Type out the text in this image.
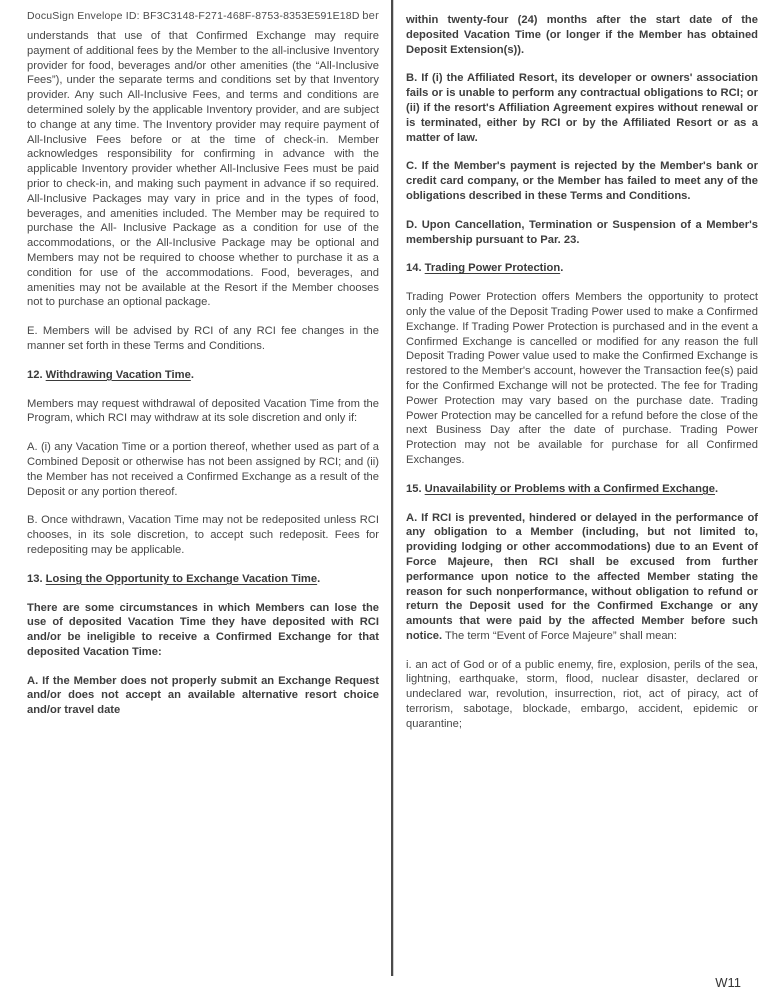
DocuSign Envelope ID: BF3C3148-F271-468F-8753-8353E591E18D ber

understands that use of that Confirmed Exchange may require payment of additional fees by the Member to the all-inclusive Inventory provider for food, beverages and/or other amenities (the “All-Inclusive Fees”), under the separate terms and conditions set by that Inventory provider. Any such All-Inclusive Fees, and terms and conditions are determined solely by the applicable Inventory provider, and are subject to change at any time. The Inventory provider may require payment of All-Inclusive Fees before or at the time of check-in. Member acknowledges responsibility for confirming in advance with the applicable Inventory provider whether All-Inclusive Fees must be paid prior to check-in, and making such payment in advance if so required. All-Inclusive Packages may vary in price and in the types of food, beverages, and amenities included. The Member may be required to purchase the All- Inclusive Package as a condition for use of the accommodations, or the All-Inclusive Package may be optional and Members may not be required to choose whether to purchase it as a condition for use of the accommodations. Food, beverages, and amenities may not be available at the Resort if the Member chooses not to purchase an optional package.

E. Members will be advised by RCI of any RCI fee changes in the manner set forth in these Terms and Conditions.

12. Withdrawing Vacation Time.

Members may request withdrawal of deposited Vacation Time from the Program, which RCI may withdraw at its sole discretion and only if:

A. (i) any Vacation Time or a portion thereof, whether used as part of a Combined Deposit or otherwise has not been assigned by RCI; and (ii) the Member has not received a Confirmed Exchange as a result of the Deposit or any portion thereof.

B. Once withdrawn, Vacation Time may not be redeposited unless RCI chooses, in its sole discretion, to accept such redeposit. Fees for redepositing may be applicable.

13. Losing the Opportunity to Exchange Vacation Time.

There are some circumstances in which Members can lose the use of deposited Vacation Time they have deposited with RCI and/or be ineligible to receive a Confirmed Exchange for that deposited Vacation Time:

A. If the Member does not properly submit an Exchange Request and/or does not accept an available alternative resort choice and/or travel date

within twenty-four (24) months after the start date of the deposited Vacation Time (or longer if the Member has obtained Deposit Extension(s)).

B. If (i) the Affiliated Resort, its developer or owners' association fails or is unable to perform any contractual obligations to RCI; or (ii) if the resort's Affiliation Agreement expires without renewal or is terminated, either by RCI or by the Affiliated Resort or as a matter of law.

C. If the Member's payment is rejected by the Member's bank or credit card company, or the Member has failed to meet any of the obligations described in these Terms and Conditions.

D. Upon Cancellation, Termination or Suspension of a Member's membership pursuant to Par. 23.

14. Trading Power Protection.

Trading Power Protection offers Members the opportunity to protect only the value of the Deposit Trading Power used to make a Confirmed Exchange. If Trading Power Protection is purchased and in the event a Confirmed Exchange is cancelled or modified for any reason the full Deposit Trading Power value used to make the Confirmed Exchange is restored to the Member's account, however the Transaction fee(s) paid for the Confirmed Exchange will not be protected. The fee for Trading Power Protection may vary based on the purchase date. Trading Power Protection may be cancelled for a refund before the close of the next Business Day after the date of purchase. Trading Power Protection may not be available for purchase for all Confirmed Exchanges.

15. Unavailability or Problems with a Confirmed Exchange.

A. If RCI is prevented, hindered or delayed in the performance of any obligation to a Member (including, but not limited to, providing lodging or other accommodations) due to an Event of Force Majeure, then RCI shall be excused from further performance upon notice to the affected Member stating the reason for such nonperformance, without obligation to refund or return the Deposit used for the Confirmed Exchange or any amounts that were paid by the affected Member before such notice. The term “Event of Force Majeure” shall mean:

i. an act of God or of a public enemy, fire, explosion, perils of the sea, lightning, earthquake, storm, flood, nuclear disaster, declared or undeclared war, revolution, insurrection, riot, act of piracy, act of terrorism, sabotage, blockade, embargo, accident, epidemic or quarantine;

W11
